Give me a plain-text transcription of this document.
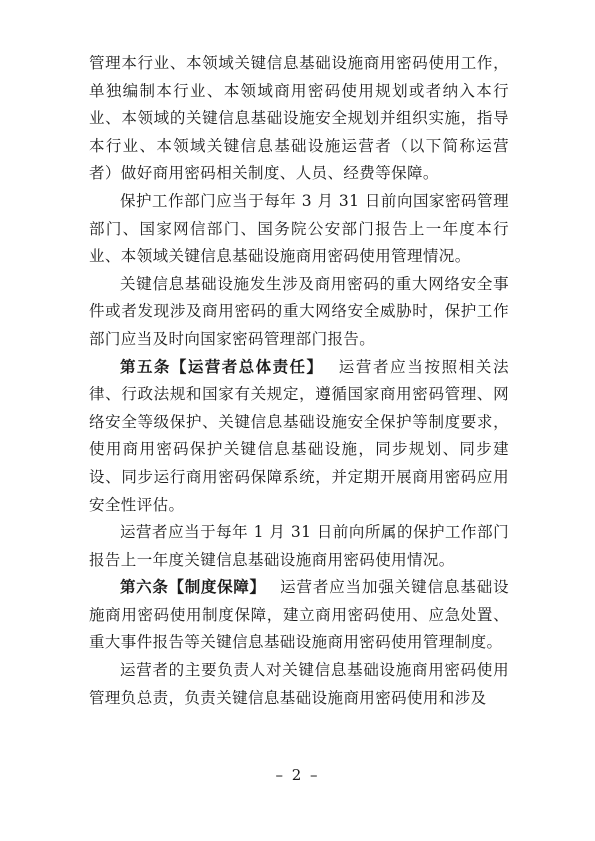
管理本行业、本领域关键信息基础设施商用密码使用工作，单独编制本行业、本领域商用密码使用规划或者纳入本行业、本领域的关键信息基础设施安全规划并组织实施，指导本行业、本领域关键信息基础设施运营者（以下简称运营者）做好商用密码相关制度、人员、经费等保障。

保护工作部门应当于每年 3 月 31 日前向国家密码管理部门、国家网信部门、国务院公安部门报告上一年度本行业、本领域关键信息基础设施商用密码使用管理情况。

关键信息基础设施发生涉及商用密码的重大网络安全事件或者发现涉及商用密码的重大网络安全威胁时，保护工作部门应当及时向国家密码管理部门报告。

第五条【运营者总体责任】 运营者应当按照相关法律、行政法规和国家有关规定，遵循国家商用密码管理、网络安全等级保护、关键信息基础设施安全保护等制度要求，使用商用密码保护关键信息基础设施，同步规划、同步建设、同步运行商用密码保障系统，并定期开展商用密码应用安全性评估。

运营者应当于每年 1 月 31 日前向所属的保护工作部门报告上一年度关键信息基础设施商用密码使用情况。

第六条【制度保障】 运营者应当加强关键信息基础设施商用密码使用制度保障，建立商用密码使用、应急处置、重大事件报告等关键信息基础设施商用密码使用管理制度。

运营者的主要负责人对关键信息基础设施商用密码使用管理负总责，负责关键信息基础设施商用密码使用和涉及

– 2 –
